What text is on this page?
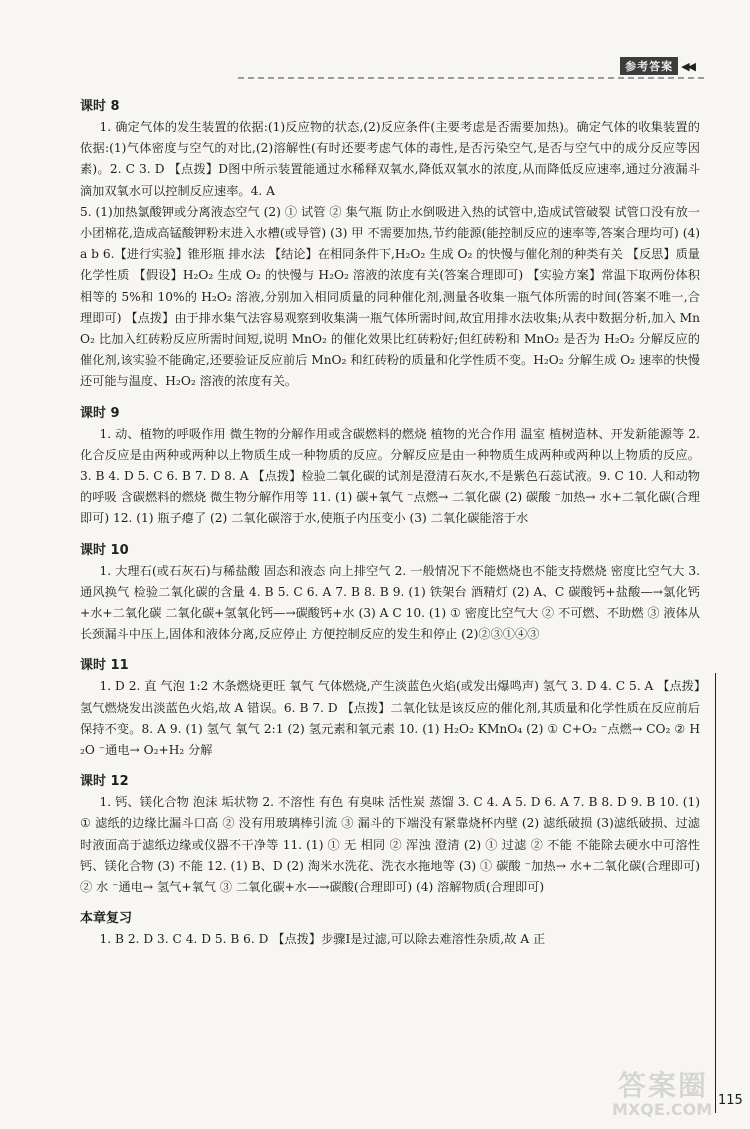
参考答案 ◀◀
课时 8

1. 确定气体的发生装置的依据:(1)反应物的状态,(2)反应条件(主要考虑是否需要加热)。确定气体的收集装置的依据:(1)气体密度与空气的对比,(2)溶解性(有时还要考虑气体的毒性,是否污染空气,是否与空气中的成分反应等因素)。2. C 3. D 【点拨】D图中所示装置能通过水稀释双氧水,降低双氧水的浓度,从而降低反应速率,通过分液漏斗滴加双氧水可以控制反应速率。4. A

5. (1)加热氯酸钾或分离液态空气 (2) ① 试管 ② 集气瓶 防止水倒吸进入热的试管中,造成试管破裂 试管口没有放一小团棉花,造成高锰酸钾粉末进入水槽(或导管) (3) 甲 不需要加热,节约能源(能控制反应的速率等,答案合理均可) (4) a b 6.【进行实验】锥形瓶 排水法 【结论】在相同条件下,H₂O₂ 生成 O₂ 的快慢与催化剂的种类有关 【反思】质量 化学性质 【假设】H₂O₂ 生成 O₂ 的快慢与 H₂O₂ 溶液的浓度有关(答案合理即可) 【实验方案】常温下取两份体积相等的 5%和 10%的 H₂O₂ 溶液,分别加入相同质量的同种催化剂,测量各收集一瓶气体所需的时间(答案不唯一,合理即可) 【点拨】由于排水集气法容易观察到收集满一瓶气体所需时间,故宜用排水法收集;从表中数据分析,加入 MnO₂ 比加入红砖粉反应所需时间短,说明 MnO₂ 的催化效果比红砖粉好;但红砖粉和 MnO₂ 是否为 H₂O₂ 分解反应的催化剂,该实验不能确定,还要验证反应前后 MnO₂ 和红砖粉的质量和化学性质不变。H₂O₂ 分解生成 O₂ 速率的快慢还可能与温度、H₂O₂ 溶液的浓度有关。

课时 9

1. 动、植物的呼吸作用 微生物的分解作用或含碳燃料的燃烧 植物的光合作用 温室 植树造林、开发新能源等 2. 化合反应是由两种或两种以上物质生成一种物质的反应。分解反应是由一种物质生成两种或两种以上物质的反应。3. B 4. D 5. C 6. B 7. D 8. A 【点拨】检验二氧化碳的试剂是澄清石灰水,不是紫色石蕊试液。9. C 10. 人和动物的呼吸 含碳燃料的燃烧 微生物分解作用等 11. (1) 碳+氧气 ⁻点燃→ 二氧化碳 (2) 碳酸 ⁻加热→ 水+二氧化碳(合理即可) 12. (1) 瓶子瘪了 (2) 二氧化碳溶于水,使瓶子内压变小 (3) 二氧化碳能溶于水

课时 10

1. 大理石(或石灰石)与稀盐酸 固态和液态 向上排空气 2. 一般情况下不能燃烧也不能支持燃烧 密度比空气大 3. 通风换气 检验二氧化碳的含量 4. B 5. C 6. A 7. B 8. B 9. (1) 铁架台 酒精灯 (2) A、C 碳酸钙+盐酸—→氯化钙+水+二氧化碳 二氧化碳+氢氧化钙—→碳酸钙+水 (3) A C 10. (1) ① 密度比空气大 ② 不可燃、不助燃 ③ 液体从长颈漏斗中压上,固体和液体分离,反应停止 方便控制反应的发生和停止 (2)②③①④③

课时 11

1. D 2. 直 气泡 1:2 木条燃烧更旺 氧气 气体燃烧,产生淡蓝色火焰(或发出爆鸣声) 氢气 3. D 4. C 5. A 【点拨】氢气燃烧发出淡蓝色火焰,故 A 错误。6. B 7. D 【点拨】二氧化钛是该反应的催化剂,其质量和化学性质在反应前后保持不变。8. A 9. (1) 氢气 氧气 2:1 (2) 氢元素和氧元素 10. (1) H₂O₂ KMnO₄ (2) ① C+O₂ ⁻点燃→ CO₂ ② H₂O ⁻通电→ O₂+H₂ 分解

课时 12

1. 钙、镁化合物 泡沫 垢状物 2. 不溶性 有色 有臭味 活性炭 蒸馏 3. C 4. A 5. D 6. A 7. B 8. D 9. B 10. (1) ① 滤纸的边缘比漏斗口高 ② 没有用玻璃棒引流 ③ 漏斗的下端没有紧靠烧杯内壁 (2) 滤纸破损 (3)滤纸破损、过滤时液面高于滤纸边缘或仪器不干净等 11. (1) ① 无 相同 ② 浑浊 澄清 (2) ① 过滤 ② 不能 不能除去硬水中可溶性钙、镁化合物 (3) 不能 12. (1) B、D (2) 淘米水洗花、洗衣水拖地等 (3) ① 碳酸 ⁻加热→ 水+二氧化碳(合理即可) ② 水 ⁻通电→ 氢气+氧气 ③ 二氧化碳+水—→碳酸(合理即可) (4) 溶解物质(合理即可)

本章复习

1. B 2. D 3. C 4. D 5. B 6. D 【点拨】步骤Ⅰ是过滤,可以除去难溶性杂质,故 A 正

115
答案圈
MXQE.COM
